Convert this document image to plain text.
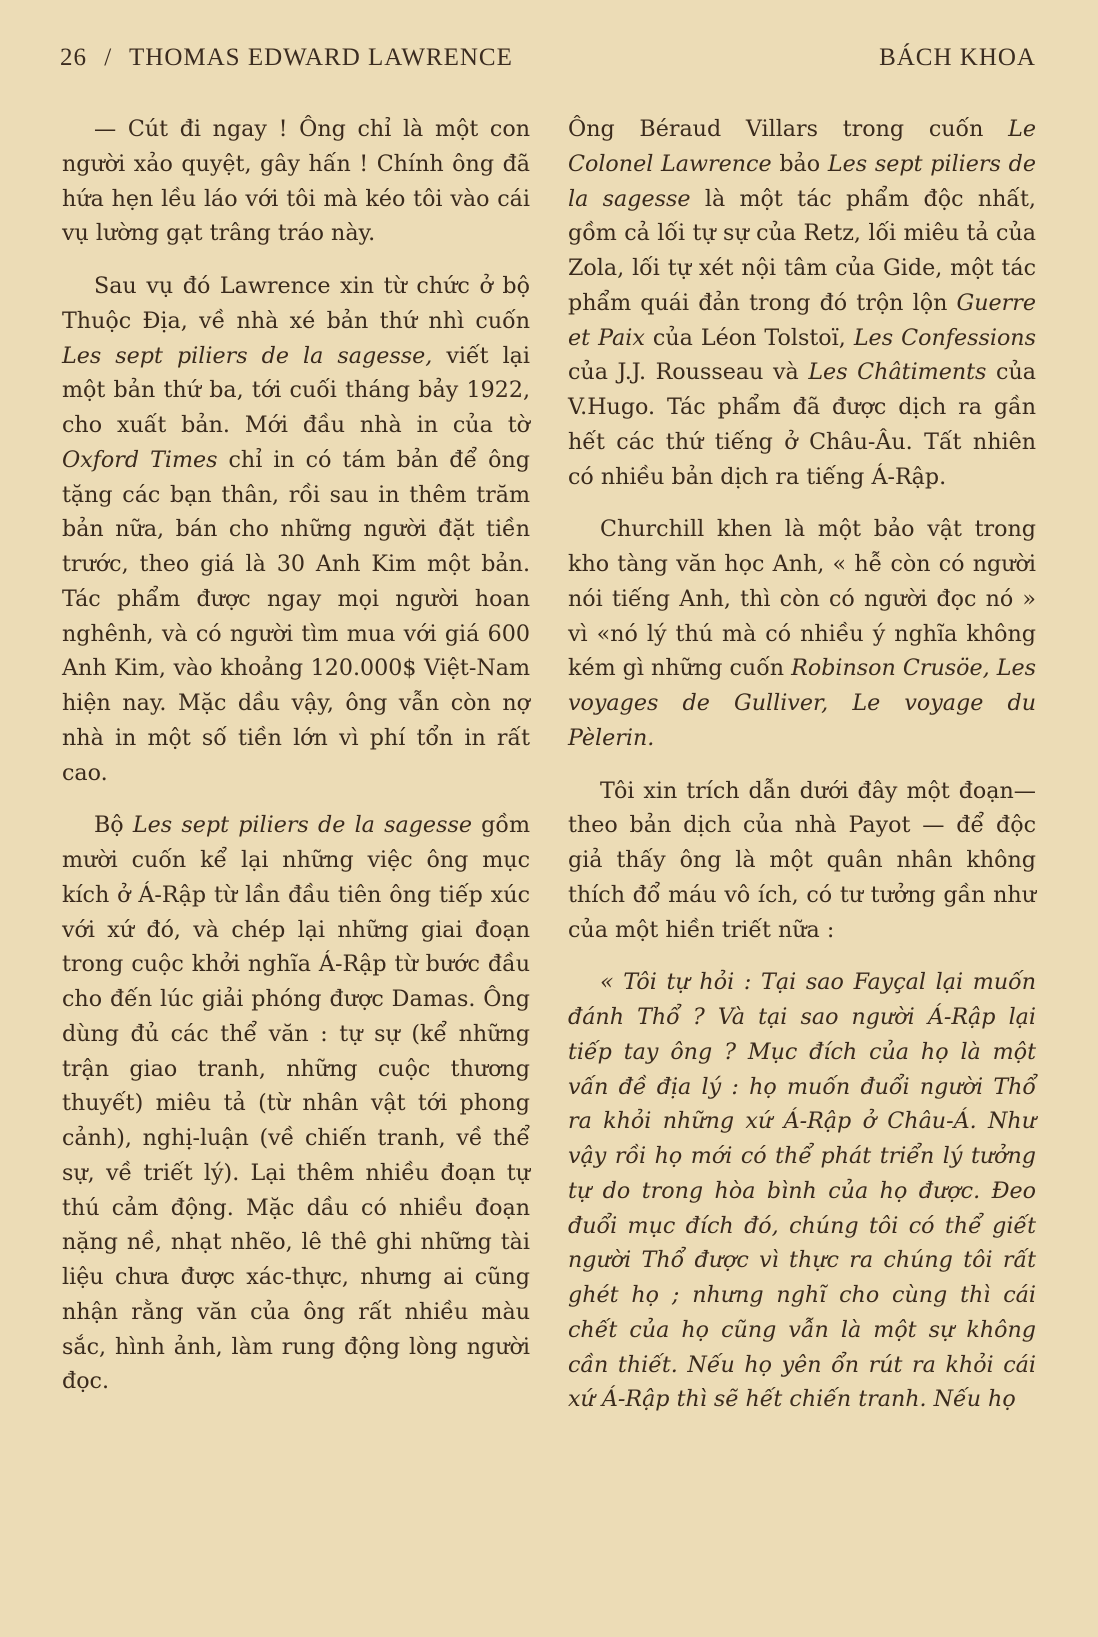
26 / THOMAS EDWARD LAWRENCE	BÁCH KHOA

— Cút đi ngay ! Ông chỉ là một con người xảo quyệt, gây hấn ! Chính ông đã hứa hẹn lều láo với tôi mà kéo tôi vào cái vụ lường gạt trâng tráo này.

Sau vụ đó Lawrence xin từ chức ở bộ Thuộc Địa, về nhà xé bản thứ nhì cuốn Les sept piliers de la sagesse, viết lại một bản thứ ba, tới cuối tháng bảy 1922, cho xuất bản. Mới đầu nhà in của tờ Oxford Times chỉ in có tám bản để ông tặng các bạn thân, rồi sau in thêm trăm bản nữa, bán cho những người đặt tiền trước, theo giá là 30 Anh Kim một bản. Tác phẩm được ngay mọi người hoan nghênh, và có người tìm mua với giá 600 Anh Kim, vào khoảng 120.000$ Việt-Nam hiện nay. Mặc dầu vậy, ông vẫn còn nợ nhà in một số tiền lớn vì phí tổn in rất cao.

Bộ Les sept piliers de la sagesse gồm mười cuốn kể lại những việc ông mục kích ở Á-Rập từ lần đầu tiên ông tiếp xúc với xứ đó, và chép lại những giai đoạn trong cuộc khởi nghĩa Á-Rập từ bước đầu cho đến lúc giải phóng được Damas. Ông dùng đủ các thể văn : tự sự (kể những trận giao tranh, những cuộc thương thuyết) miêu tả (từ nhân vật tới phong cảnh), nghị-luận (về chiến tranh, về thể sự, về triết lý). Lại thêm nhiều đoạn tự thú cảm động. Mặc dầu có nhiều đoạn nặng nề, nhạt nhẽo, lê thê ghi những tài liệu chưa được xác-thực, nhưng ai cũng nhận rằng văn của ông rất nhiều màu sắc, hình ảnh, làm rung động lòng người đọc.

Ông Béraud Villars trong cuốn Le Colonel Lawrence bảo Les sept piliers de la sagesse là một tác phẩm độc nhất, gồm cả lối tự sự của Retz, lối miêu tả của Zola, lối tự xét nội tâm của Gide, một tác phẩm quái đản trong đó trộn lộn Guerre et Paix của Léon Tolstoï, Les Confessions của J.J. Rousseau và Les Châtiments của V.Hugo. Tác phẩm đã được dịch ra gần hết các thứ tiếng ở Châu-Âu. Tất nhiên có nhiều bản dịch ra tiếng Á-Rập.

Churchill khen là một bảo vật trong kho tàng văn học Anh, « hễ còn có người nói tiếng Anh, thì còn có người đọc nó » vì «nó lý thú mà có nhiều ý nghĩa không kém gì những cuốn Robinson Crusöe, Les voyages de Gulliver, Le voyage du Pèlerin.

Tôi xin trích dẫn dưới đây một đoạn—theo bản dịch của nhà Payot — để độc giả thấy ông là một quân nhân không thích đổ máu vô ích, có tư tưởng gần như của một hiền triết nữa :

« Tôi tự hỏi : Tại sao Fayçal lại muốn đánh Thổ ? Và tại sao người Á-Rập lại tiếp tay ông ? Mục đích của họ là một vấn đề địa lý : họ muốn đuổi người Thổ ra khỏi những xứ Á-Rập ở Châu-Á. Như vậy rồi họ mới có thể phát triển lý tưởng tự do trong hòa bình của họ được. Đeo đuổi mục đích đó, chúng tôi có thể giết người Thổ được vì thực ra chúng tôi rất ghét họ ; nhưng nghĩ cho cùng thì cái chết của họ cũng vẫn là một sự không cần thiết. Nếu họ yên ổn rút ra khỏi cái xứ Á-Rập thì sẽ hết chiến tranh. Nếu họ
